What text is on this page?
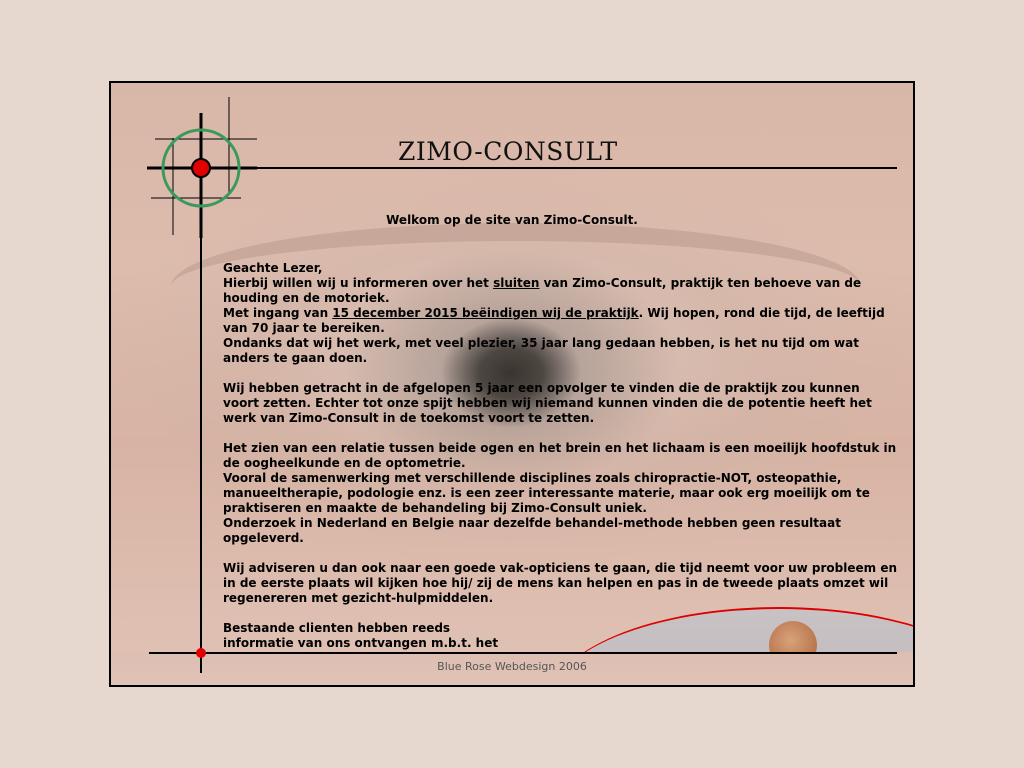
ZIMO-CONSULT
Welkom op de site van Zimo-Consult.

Geachte Lezer,
Hierbij willen wij u informeren over het sluiten van Zimo-Consult, praktijk ten behoeve van de houding en de motoriek.
Met ingang van 15 december 2015 beëindigen wij de praktijk. Wij hopen, rond die tijd, de leeftijd van 70 jaar te bereiken.
Ondanks dat wij het werk, met veel plezier, 35 jaar lang gedaan hebben, is het nu tijd om wat anders te gaan doen.

Wij hebben getracht in de afgelopen 5 jaar een opvolger te vinden die de praktijk zou kunnen voort zetten. Echter tot onze spijt hebben wij niemand kunnen vinden die de potentie heeft het werk van Zimo-Consult in de toekomst voort te zetten.

Het zien van een relatie tussen beide ogen en het brein en het lichaam is een moeilijk hoofdstuk in de oogheelkunde en de optometrie.
Vooral de samenwerking met verschillende disciplines zoals chiropractie-NOT, osteopathie, manueeltherapie, podologie enz. is een zeer interessante materie, maar ook erg moeilijk om te praktiseren en maakte de behandeling bij Zimo-Consult uniek.
Onderzoek in Nederland en Belgie naar dezelfde behandel-methode hebben geen resultaat opgeleverd.

Wij adviseren u dan ook naar een goede vak-opticiens te gaan, die tijd neemt voor uw probleem en in de eerste plaats wil kijken hoe hij/ zij de mens kan helpen en pas in de tweede plaats omzet wil regenereren met gezicht-hulpmiddelen.

Bestaande clienten hebben reeds
informatie van ons ontvangen m.b.t. het

Blue Rose Webdesign 2006
